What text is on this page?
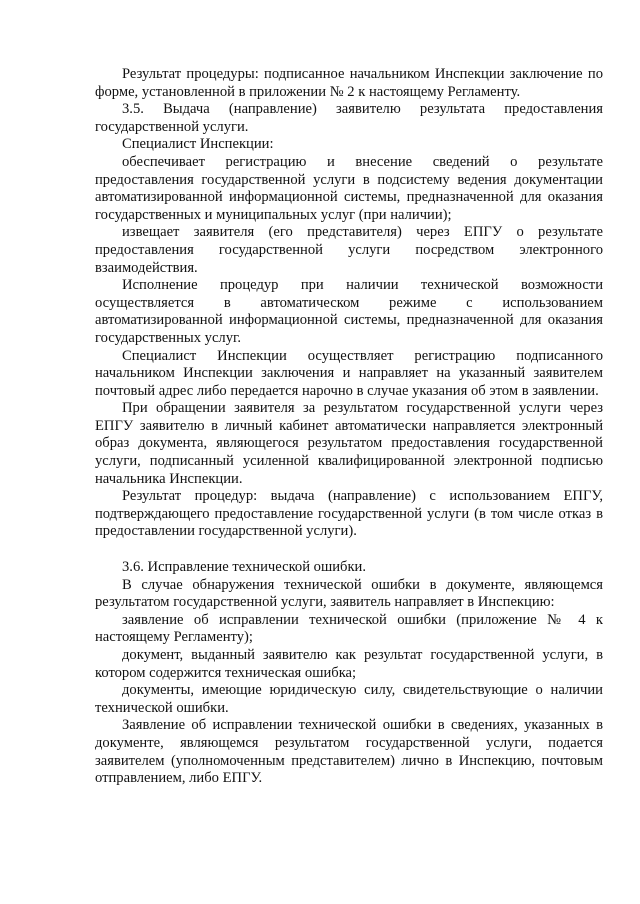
Результат процедуры: подписанное начальником Инспекции заключение по форме, установленной в приложении № 2 к настоящему Регламенту.

3.5. Выдача (направление) заявителю результата предоставления государственной услуги.

Специалист Инспекции:

обеспечивает регистрацию и внесение сведений о результате предоставления государственной услуги в подсистему ведения документации автоматизированной информационной системы, предназначенной для оказания государственных и муниципальных услуг (при наличии);

извещает заявителя (его представителя) через ЕПГУ о результате предоставления государственной услуги посредством электронного взаимодействия.

Исполнение процедур при наличии технической возможности осуществляется в автоматическом режиме с использованием автоматизированной информационной системы, предназначенной для оказания государственных услуг.

Специалист Инспекции осуществляет регистрацию подписанного начальником Инспекции заключения и направляет на указанный заявителем почтовый адрес либо передается нарочно в случае указания об этом в заявлении.

При обращении заявителя за результатом государственной услуги через ЕПГУ заявителю в личный кабинет автоматически направляется электронный образ документа, являющегося результатом предоставления государственной услуги, подписанный усиленной квалифицированной электронной подписью начальника Инспекции.

Результат процедур: выдача (направление) с использованием ЕПГУ, подтверждающего предоставление государственной услуги (в том числе отказ в предоставлении государственной услуги).

3.6. Исправление технической ошибки.

В случае обнаружения технической ошибки в документе, являющемся результатом государственной услуги, заявитель направляет в Инспекцию:

заявление об исправлении технической ошибки (приложение № 4 к настоящему Регламенту);

документ, выданный заявителю как результат государственной услуги, в котором содержится техническая ошибка;

документы, имеющие юридическую силу, свидетельствующие о наличии технической ошибки.

Заявление об исправлении технической ошибки в сведениях, указанных в документе, являющемся результатом государственной услуги, подается заявителем (уполномоченным представителем) лично в Инспекцию, почтовым отправлением, либо ЕПГУ.
